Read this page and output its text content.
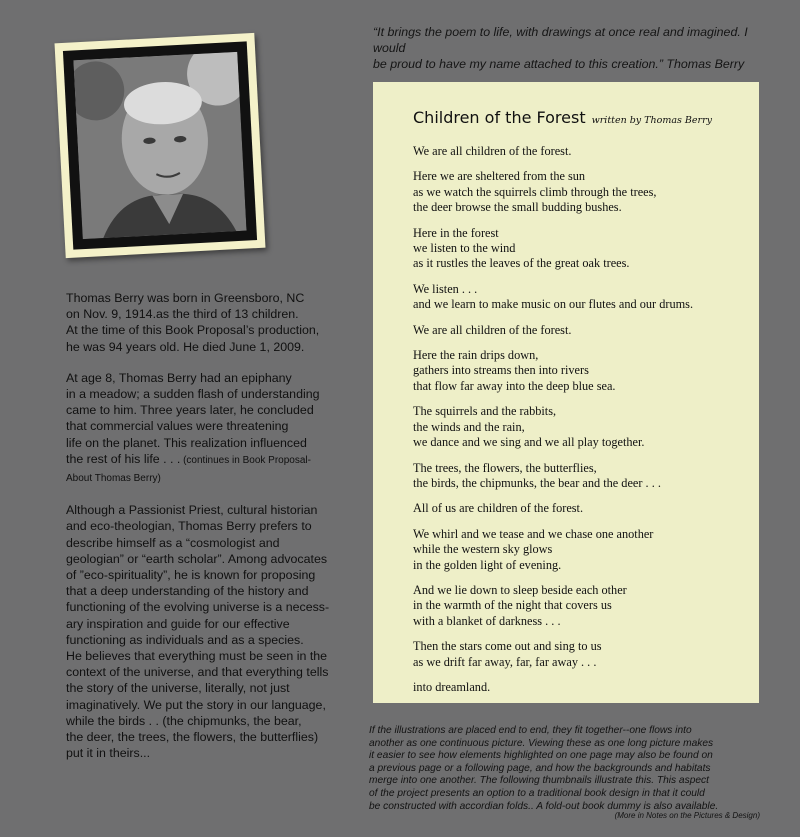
Thomas Berry was born in Greensboro, NC
on Nov. 9, 1914.as the third of 13 children.
At the time of this Book Proposal’s production,
he was 94 years old. He died June 1, 2009.

At age 8, Thomas Berry had an epiphany
in a meadow; a sudden flash of understanding
came to him. Three years later, he concluded
that commercial values were threatening
life on the planet. This realization influenced
the rest of his life . . . (continues in Book Proposal-
About Thomas Berry)

Although a Passionist Priest, cultural historian
and eco-theologian, Thomas Berry prefers to
describe himself as a “cosmologist and
geologian” or “earth scholar”. Among advocates
of ”eco-spirituality”, he is known for proposing
that a deep understanding of the history and
functioning of the evolving universe is a necess-
ary inspiration and guide for our effective
functioning as individuals and as a species.
He believes that everything must be seen in the
context of the universe, and that everything tells
the story of the universe, literally, not just
imaginatively. We put the story in our language,
while the birds . . (the chipmunks, the bear,
the deer, the trees, the flowers, the butterflies)
put it in theirs...

“It brings the poem to life, with drawings at once real and imagined. I would
be proud to have my name attached to this creation.” Thomas Berry
Children of the Forest written by Thomas Berry

We are all children of the forest.

Here we are sheltered from the sun
as we watch the squirrels climb through the trees,
the deer browse the small budding bushes.

Here in the forest
we listen to the wind
as it rustles the leaves of the great oak trees.

We listen . . .
and we learn to make music on our flutes and our drums.

We are all children of the forest.

Here the rain drips down,
gathers into streams then into rivers
that flow far away into the deep blue sea.

The squirrels and the rabbits,
the winds and the rain,
we dance and we sing and we all play together.

The trees, the flowers, the butterflies,
the birds, the chipmunks, the bear and the deer . . .

All of us are children of the forest.

We whirl and we tease and we chase one another
while the western sky glows
in the golden light of evening.

And we lie down to sleep beside each other
in the warmth of the night that covers us
with a blanket of darkness . . .

Then the stars come out and sing to us
as we drift far away, far, far away . . .

into dreamland.

If the illustrations are placed end to end, they fit together--one flows into
another as one continuous picture. Viewing these as one long picture makes
it easier to see how elements highlighted on one page may also be found on
a previous page or a following page, and how the backgrounds and habitats
merge into one another. The following thumbnails illustrate this. This aspect
of the project presents an option to a traditional book design in that it could
be constructed with accordian folds.. A fold-out book dummy is also available.
(More in Notes on the Pictures & Design)
